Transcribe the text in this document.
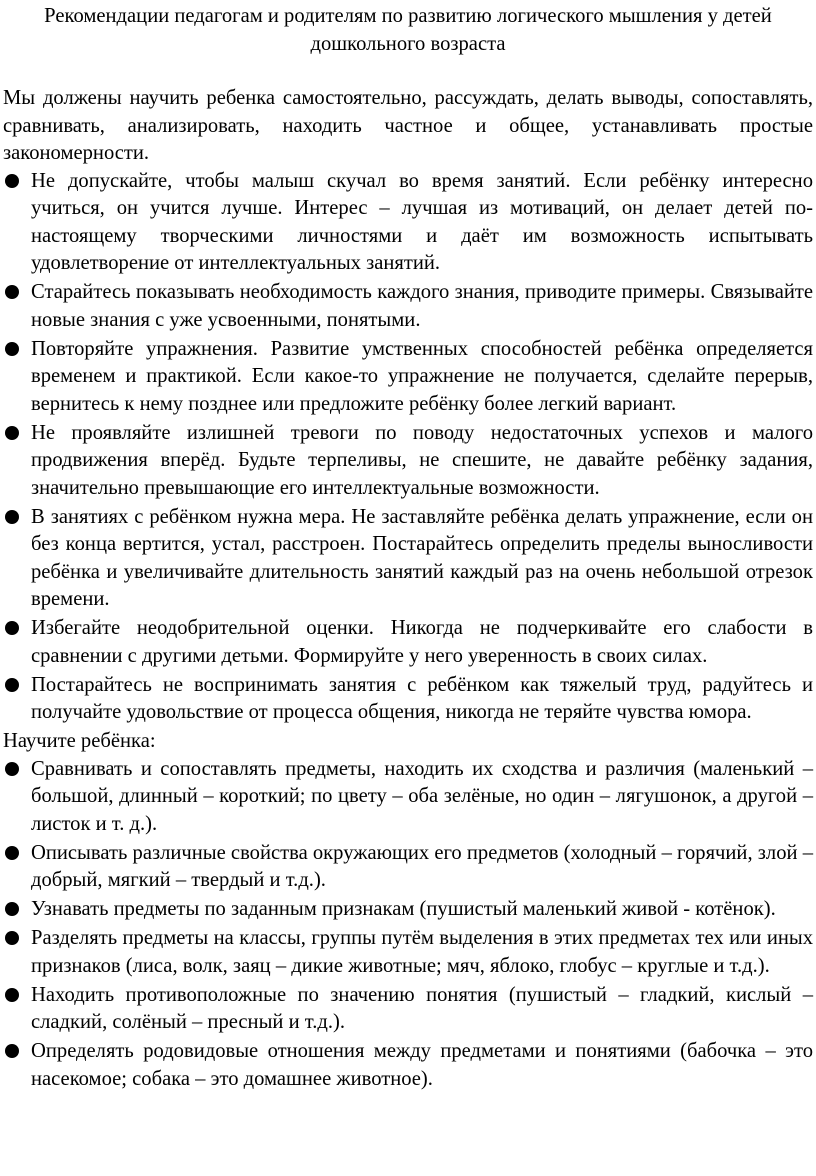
Рекомендации педагогам и родителям по развитию логического мышления у детей дошкольного возраста

Мы должены научить ребенка самостоятельно, рассуждать, делать выводы, сопоставлять, сравнивать, анализировать, находить частное и общее, устанавливать простые закономерности.

Не допускайте, чтобы малыш скучал во время занятий. Если ребёнку интересно учиться, он учится лучше. Интерес – лучшая из мотиваций, он делает детей по-настоящему творческими личностями и даёт им возможность испытывать удовлетворение от интеллектуальных занятий.
Старайтесь показывать необходимость каждого знания, приводите примеры. Связывайте новые знания с уже усвоенными, понятыми.
Повторяйте упражнения. Развитие умственных способностей ребёнка определяется временем и практикой. Если какое-то упражнение не получается, сделайте перерыв, вернитесь к нему позднее или предложите ребёнку более легкий вариант.
Не проявляйте излишней тревоги по поводу недостаточных успехов и малого продвижения вперёд. Будьте терпеливы, не спешите, не давайте ребёнку задания, значительно превышающие его интеллектуальные возможности.
В занятиях с ребёнком нужна мера. Не заставляйте ребёнка делать упражнение, если он без конца вертится, устал, расстроен. Постарайтесь определить пределы выносливости ребёнка и увеличивайте длительность занятий каждый раз на очень небольшой отрезок времени.
Избегайте неодобрительной оценки. Никогда не подчеркивайте его слабости в сравнении с другими детьми. Формируйте у него уверенность в своих силах.
Постарайтесь не воспринимать занятия с ребёнком как тяжелый труд, радуйтесь и получайте удовольствие от процесса общения, никогда не теряйте чувства юмора.

Научите ребёнка:

Сравнивать и сопоставлять предметы, находить их сходства и различия (маленький – большой, длинный – короткий; по цвету – оба зелёные, но один – лягушонок, а другой – листок и т. д.).
Описывать различные свойства окружающих его предметов (холодный – горячий, злой – добрый, мягкий – твердый и т.д.).
Узнавать предметы по заданным признакам (пушистый маленький живой - котёнок).
Разделять предметы на классы, группы путём выделения в этих предметах тех или иных признаков (лиса, волк, заяц – дикие животные; мяч, яблоко, глобус – круглые и т.д.).
Находить противоположные по значению понятия (пушистый – гладкий, кислый – сладкий, солёный – пресный и т.д.).
Определять родовидовые отношения между предметами и понятиями (бабочка – это насекомое; собака – это домашнее животное).
